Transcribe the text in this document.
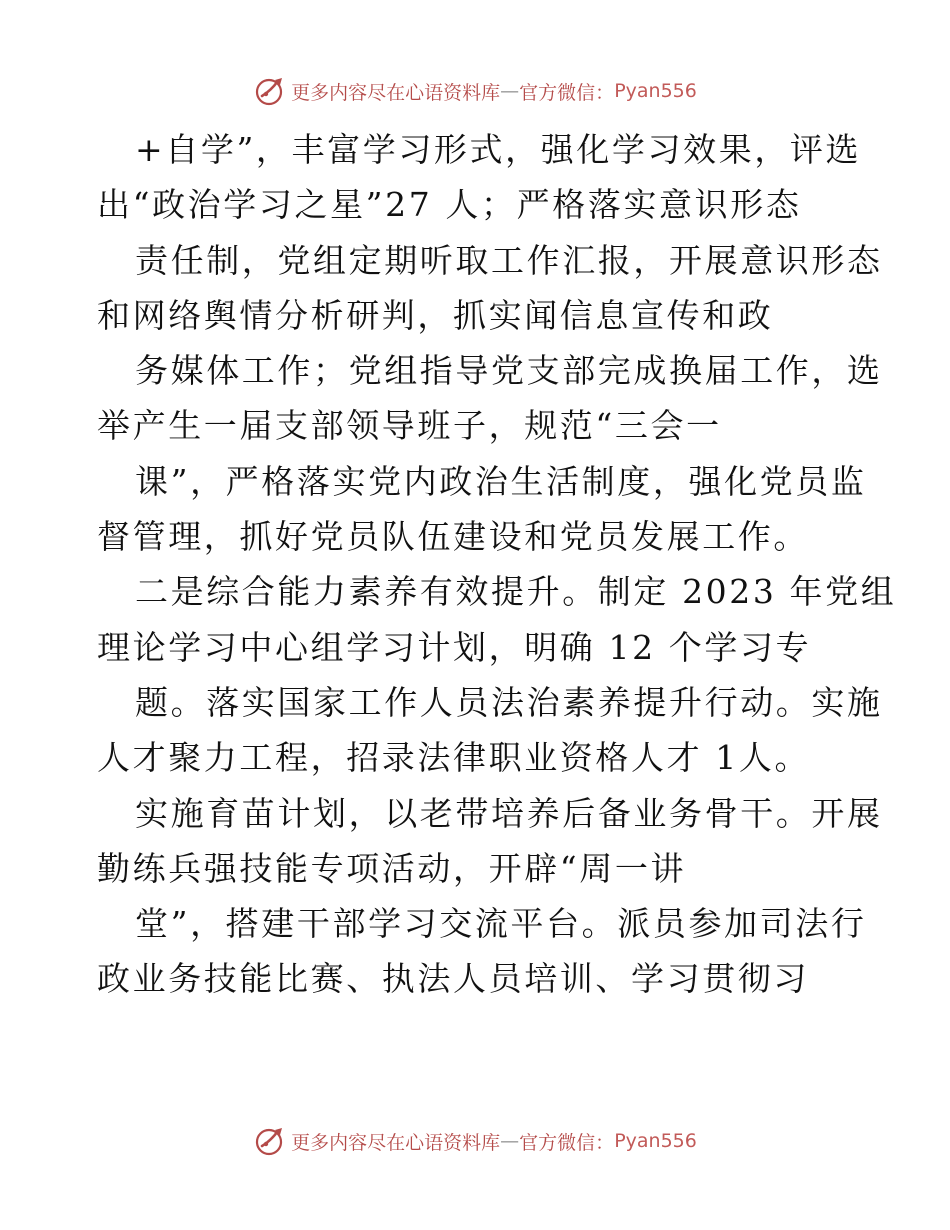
更多内容尽在心语资料库 — 官方微信： Pyan556
+自学”，丰富学习形式，强化学习效果，评选
出“政治学习之星”27 人；严格落实意识形态
责任制，党组定期听取工作汇报，开展意识形态
和网络舆情分析研判，抓实闻信息宣传和政
务媒体工作；党组指导党支部完成换届工作，选
举产生一届支部领导班子，规范“三会一
课”，严格落实党内政治生活制度，强化党员监
督管理，抓好党员队伍建设和党员发展工作。
二是综合能力素养有效提升。制定 2023 年党组
理论学习中心组学习计划，明确 12 个学习专
题。落实国家工作人员法治素养提升行动。实施
人才聚力工程，招录法律职业资格人才 1人。
实施育苗计划，以老带培养后备业务骨干。开展
勤练兵强技能专项活动，开辟“周一讲
堂”，搭建干部学习交流平台。派员参加司法行
政业务技能比赛、执法人员培训、学习贯彻习
更多内容尽在心语资料库 — 官方微信： Pyan556
